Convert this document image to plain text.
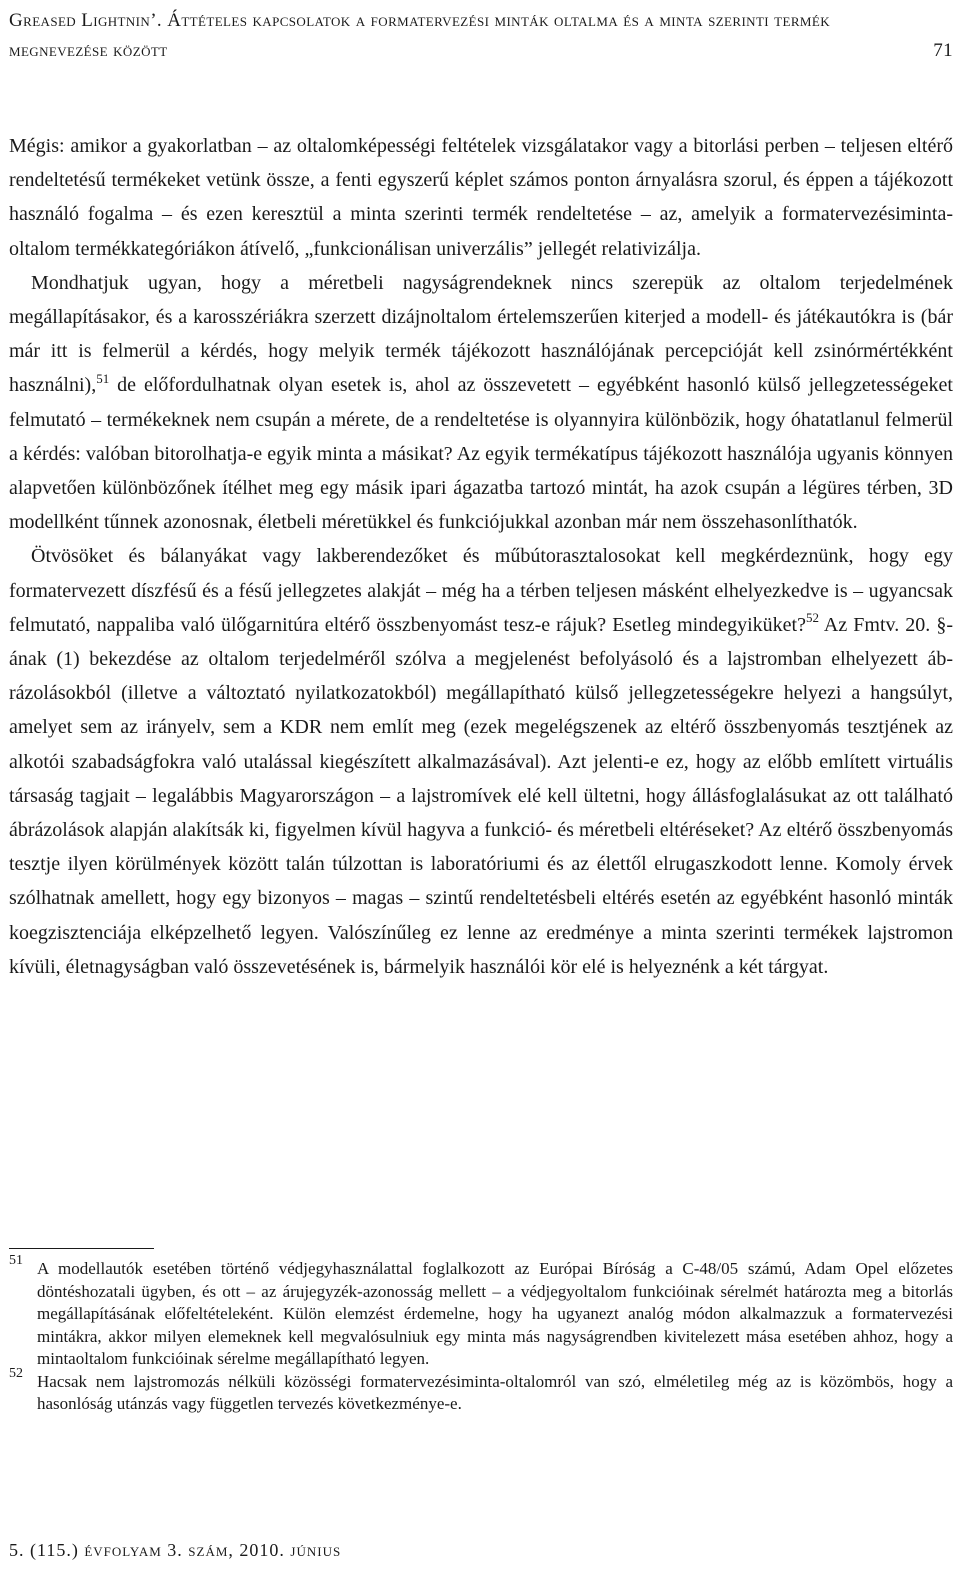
Greased Lightnin’. Áttételes kapcsolatok a formatervezési minták oltalma és a minta szerinti termék megnevezése között	71

Mégis: amikor a gyakorlatban – az oltalomképességi feltételek vizsgálatakor vagy a bitorlási perben – teljesen eltérő rendeltetésű termékeket vetünk össze, a fenti egyszerű képlet számos ponton árnyalásra szorul, és éppen a tájékozott használó fogalma – és ezen keresztül a minta szerinti termék rendeltetése – az, amelyik a formatervezésiminta-oltalom termékkategóriákon átívelő, „funkcionálisan univerzális” jellegét relativizálja.

Mondhatjuk ugyan, hogy a méretbeli nagyságrendeknek nincs szerepük az oltalom terjedelmének megállapításakor, és a karosszériákra szerzett dizájnoltalom értelemszerűen kiterjed a modell- és játékautókra is (bár már itt is felmerül a kérdés, hogy melyik termék tájékozott használójának percepcióját kell zsinórmértékként használni),$^{51}$ de előfordulhatnak olyan esetek is, ahol az összevetett – egyébként hasonló külső jellegzetességeket felmutató – termékeknek nem csupán a mérete, de a rendeltetése is olyannyira különbözik, hogy óhatatlanul felmerül a kérdés: valóban bitorolhatja-e egyik minta a másikat? Az egyik termékatípus tájékozott használója ugyanis könnyen alapvetően különbözőnek ítélhet meg egy másik ipari ágazatba tartozó mintát, ha azok csupán a légüres térben, 3D modellként tűnnek azonosnak, életbeli méretükkel és funkciójukkal azonban már nem összehasonlíthatók.

Ötvösöket és bálanyákat vagy lakberendezőket és műbútorasztalosokat kell megkérdeznünk, hogy egy formatervezett díszfésű és a fésű jellegzetes alakját – még ha a térben teljesen másként elhelyezkedve is – ugyancsak felmutató, nappaliba való ülőgarnitúra eltérő összbenyomást tesz-e rájuk? Esetleg mindegyiküket?$^{52}$ Az Fmtv. 20. §-ának (1) bekezdése az oltalom terjedelméről szólva a megjelenést befolyásoló és a lajstromban elhelyezett ábrázolásokból (illetve a változtató nyilatkozatokból) megállapítható külső jellegzetességekre helyezi a hangsúlyt, amelyet sem az irányelv, sem a KDR nem említ meg (ezek megelégszenek az eltérő összbenyomás tesztjének az alkotói szabadságfokra való utalással kiegészített alkalmazásával). Azt jelenti-e ez, hogy az előbb említett virtuális társaság tagjait – legalábbis Magyarországon – a lajstromívek elé kell ültetni, hogy állásfoglalásukat az ott található ábrázolások alapján alakítsák ki, figyelmen kívül hagyva a funkció- és méretbeli eltéréseket? Az eltérő összbenyomás tesztje ilyen körülmények között talán túlzottan is laboratóriumi és az élettől elrugaszkodott lenne. Komoly érvek szólhatnak amellett, hogy egy bizonyos – magas – szintű rendeltetésbeli eltérés esetén az egyébként hasonló minták koegzisztenciája elképzelhető legyen. Valószínűleg ez lenne az eredménye a minta szerinti termékek lajstromon kívüli, életnagyságban való összevetésének is, bármelyik használói kör elé is helyeznénk a két tárgyat.

51 A modellautók esetében történő védjegyhasználattal foglalkozott az Európai Bíróság a C-48/05 számú, Adam Opel előzetes döntéshozatali ügyben, és ott – az árujegyzék-azonosság mellett – a védjegyoltalom funkcióinak sérelmét határozta meg a bitorlás megállapításának előfeltételeként. Külön elemzést érdemelne, hogy ha ugyanezt analóg módon alkalmazzuk a formatervezési mintákra, akkor milyen elemeknek kell megvalósulniuk egy minta más nagyságrendben kivitelezett mása esetében ahhoz, hogy a mintaoltalom funkcióinak sérelme megállapítható legyen.

52 Hacsak nem lajstromozás nélküli közösségi formatervezésiminta-oltalomról van szó, elméletileg még az is közömbös, hogy a hasonlóság utánzás vagy független tervezés következménye-e.

5. (115.) évfolyam 3. szám, 2010. június
